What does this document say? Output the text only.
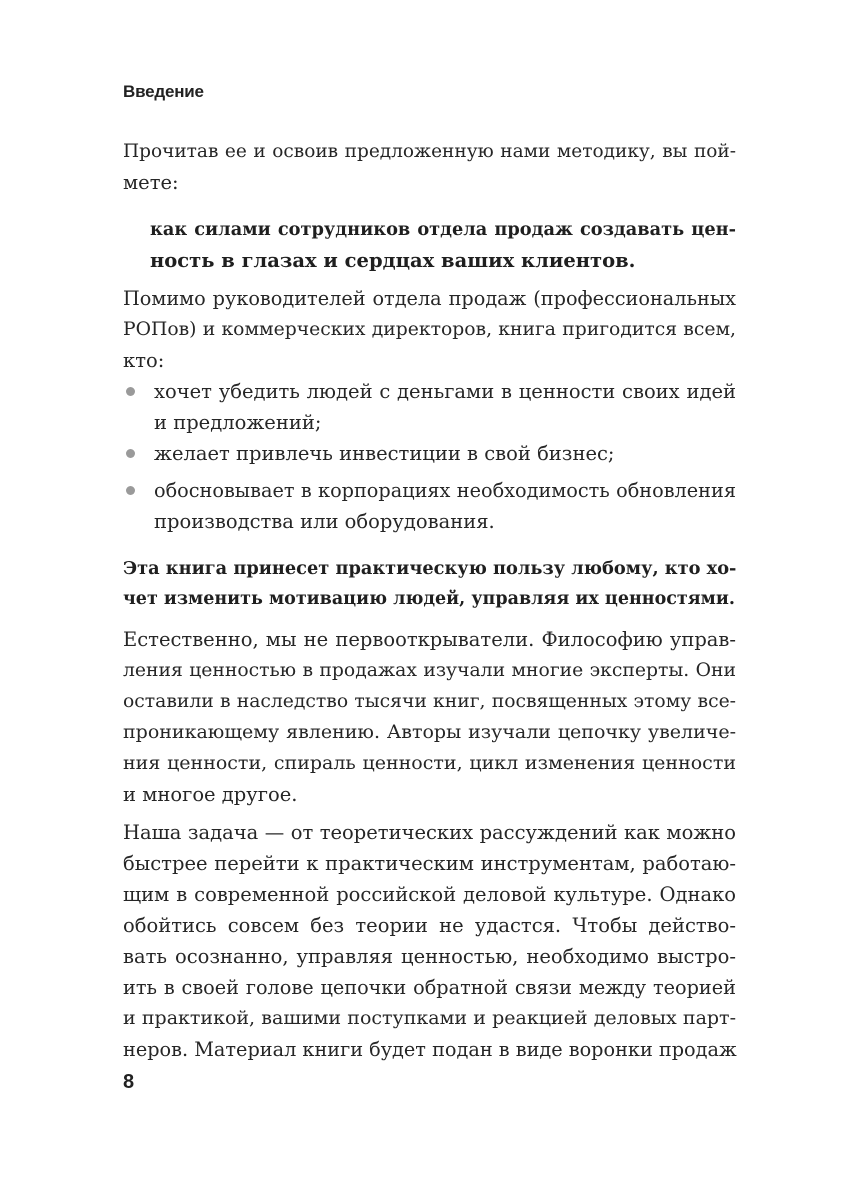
Введение
Прочитав ее и освоив предложенную нами методику, вы пой-
мете:
как силами сотрудников отдела продаж создавать цен-
ность в глазах и сердцах ваших клиентов.
Помимо руководителей отдела продаж (профессиональных
РОПов) и коммерческих директоров, книга пригодится всем,
кто:
хочет убедить людей с деньгами в ценности своих идей
и предложений;
желает привлечь инвестиции в свой бизнес;
обосновывает в корпорациях необходимость обновления
производства или оборудования.
Эта книга принесет практическую пользу любому, кто хо-
чет изменить мотивацию людей, управляя их ценностями.
Естественно, мы не первооткрыватели. Философию управ-
ления ценностью в продажах изучали многие эксперты. Они
оставили в наследство тысячи книг, посвященных этому все-
проникающему явлению. Авторы изучали цепочку увеличе-
ния ценности, спираль ценности, цикл изменения ценности
и многое другое.
Наша задача — от теоретических рассуждений как можно
быстрее перейти к практическим инструментам, работаю-
щим в современной российской деловой культуре. Однако
обойтись совсем без теории не удастся. Чтобы действо-
вать осознанно, управляя ценностью, необходимо выстро-
ить в своей голове цепочки обратной связи между теорией
и практикой, вашими поступками и реакцией деловых парт-
неров. Материал книги будет подан в виде воронки продаж
8
